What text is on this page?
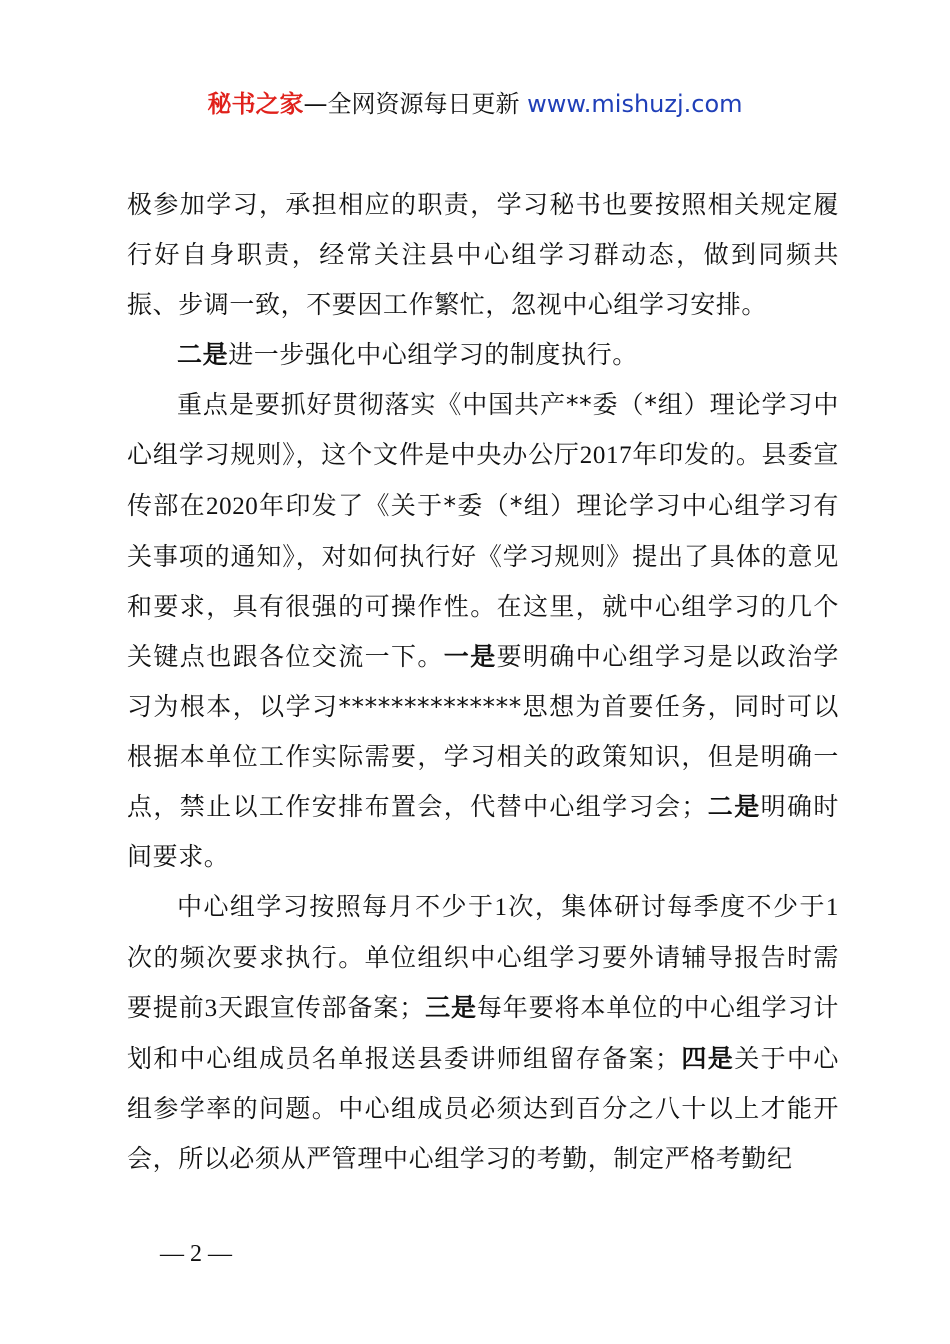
秘书之家—全网资源每日更新 www.mishuzj.com

极参加学习，承担相应的职责，学习秘书也要按照相关规定履行好自身职责，经常关注县中心组学习群动态，做到同频共振、步调一致，不要因工作繁忙，忽视中心组学习安排。

二是进一步强化中心组学习的制度执行。

重点是要抓好贯彻落实《中国共产**委（*组）理论学习中心组学习规则》，这个文件是中央办公厅2017年印发的。县委宣传部在2020年印发了《关于*委（*组）理论学习中心组学习有关事项的通知》，对如何执行好《学习规则》提出了具体的意见和要求，具有很强的可操作性。在这里，就中心组学习的几个关键点也跟各位交流一下。一是要明确中心组学习是以政治学习为根本，以学习**************思想为首要任务，同时可以根据本单位工作实际需要，学习相关的政策知识，但是明确一点，禁止以工作安排布置会，代替中心组学习会；二是明确时间要求。

中心组学习按照每月不少于1次，集体研讨每季度不少于1次的频次要求执行。单位组织中心组学习要外请辅导报告时需要提前3天跟宣传部备案；三是每年要将本单位的中心组学习计划和中心组成员名单报送县委讲师组留存备案；四是关于中心组参学率的问题。中心组成员必须达到百分之八十以上才能开会，所以必须从严管理中心组学习的考勤，制定严格考勤纪

— 2 —
